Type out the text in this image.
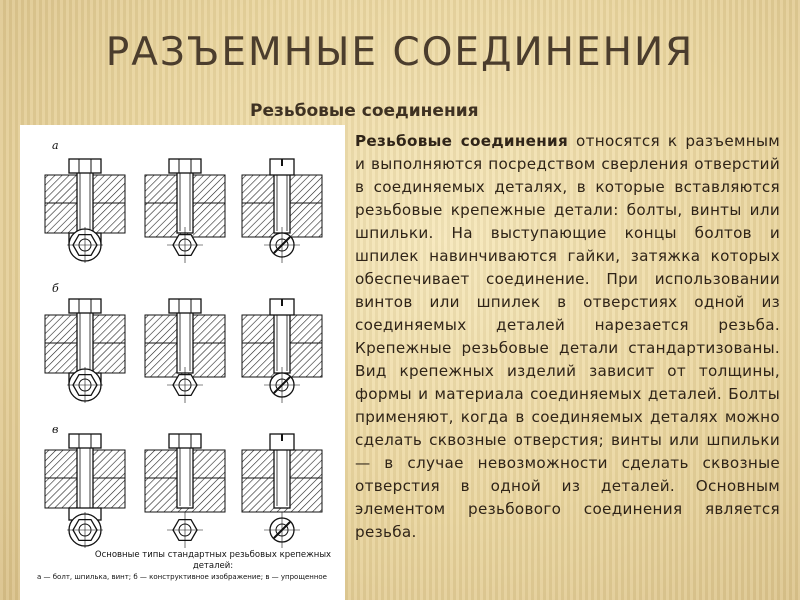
РАЗЪЕМНЫЕ СОЕДИНЕНИЯ
Резьбовые соединения
а
б
в
Основные типы стандартных резьбовых крепежных деталей:
а — болт, шпилька, винт; б — конструктивное изображение; в — упрощенное
Резьбовые соединения относятся к разъемным и выполняются посредством сверления отверстий в соединяемых деталях, в которые вставляются резьбовые крепежные детали: болты, винты или шпильки. На выступающие концы болтов и шпилек навинчиваются гайки, затяжка которых обеспечивает соединение. При использовании винтов или шпилек в отверстиях одной из соединяемых деталей нарезается резьба. Крепежные резьбовые детали стандартизованы. Вид крепежных изделий зависит от толщины, формы и материала соединяемых деталей. Болты применяют, когда в соединяемых деталях можно сделать сквозные отверстия; винты или шпильки — в случае невозможности сделать сквозные отверстия в одной из деталей. Основным элементом резьбового соединения является резьба.
